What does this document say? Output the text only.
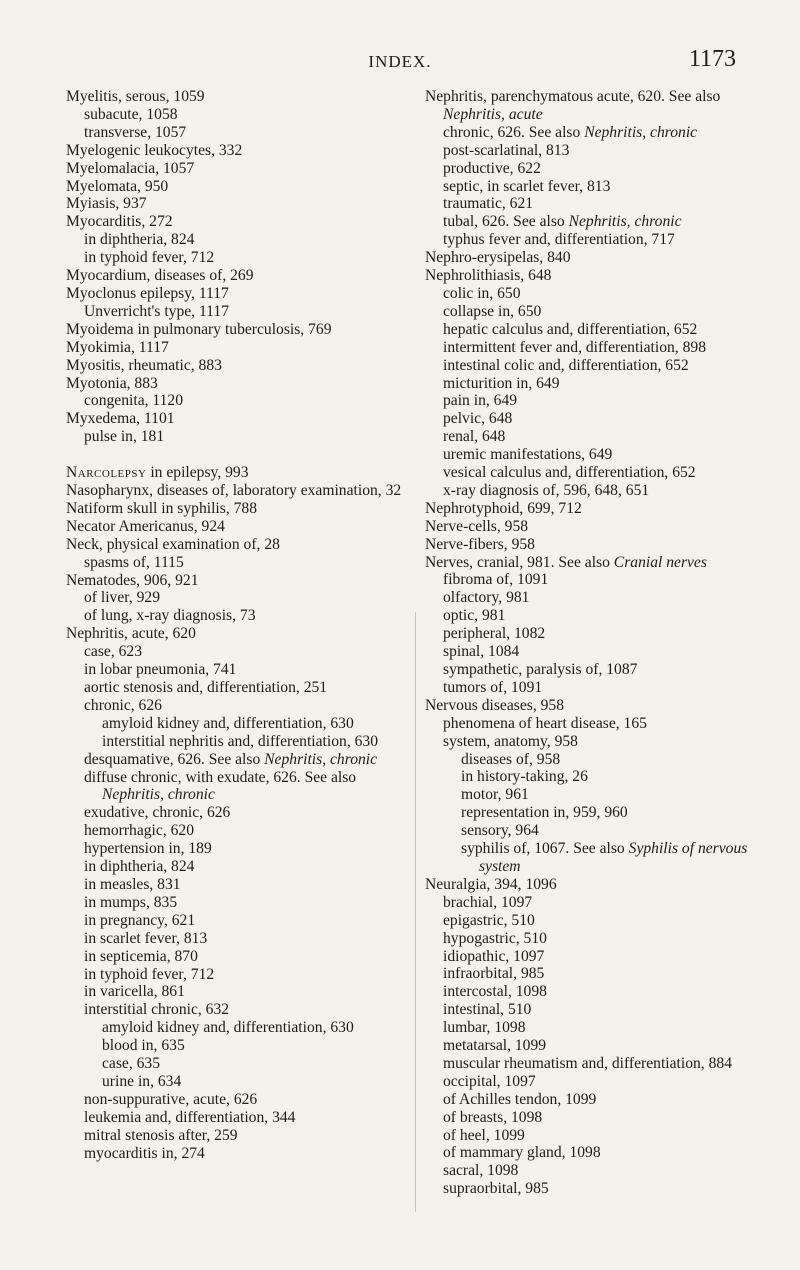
INDEX.	1173
Myelitis, serous, 1059
subacute, 1058
transverse, 1057
Myelogenic leukocytes, 332
Myelomalacia, 1057
Myelomata, 950
Myiasis, 937
Myocarditis, 272
in diphtheria, 824
in typhoid fever, 712
Myocardium, diseases of, 269
Myoclonus epilepsy, 1117
Unverricht's type, 1117
Myoidema in pulmonary tuberculosis, 769
Myokimia, 1117
Myositis, rheumatic, 883
Myotonia, 883
congenita, 1120
Myxedema, 1101
pulse in, 181
Narcolepsy in epilepsy, 993
Nasopharynx, diseases of, laboratory examination, 32
Natiform skull in syphilis, 788
Necator Americanus, 924
Neck, physical examination of, 28
spasms of, 1115
Nematodes, 906, 921
of liver, 929
of lung, x-ray diagnosis, 73
Nephritis, acute, 620
case, 623
in lobar pneumonia, 741
aortic stenosis and, differentiation, 251
chronic, 626
amyloid kidney and, differentiation, 630
interstitial nephritis and, differentiation, 630
desquamative, 626. See also Nephritis, chronic
diffuse chronic, with exudate, 626. See also Nephritis, chronic
exudative, chronic, 626
hemorrhagic, 620
hypertension in, 189
in diphtheria, 824
in measles, 831
in mumps, 835
in pregnancy, 621
in scarlet fever, 813
in septicemia, 870
in typhoid fever, 712
in varicella, 861
interstitial chronic, 632
amyloid kidney and, differentiation, 630
blood in, 635
case, 635
urine in, 634
non-suppurative, acute, 626
leukemia and, differentiation, 344
mitral stenosis after, 259
myocarditis in, 274
Nephritis, parenchymatous acute, 620. See also Nephritis, acute
chronic, 626. See also Nephritis, chronic
post-scarlatinal, 813
productive, 622
septic, in scarlet fever, 813
traumatic, 621
tubal, 626. See also Nephritis, chronic
typhus fever and, differentiation, 717
Nephro-erysipelas, 840
Nephrolithiasis, 648
colic in, 650
collapse in, 650
hepatic calculus and, differentiation, 652
intermittent fever and, differentiation, 898
intestinal colic and, differentiation, 652
micturition in, 649
pain in, 649
pelvic, 648
renal, 648
uremic manifestations, 649
vesical calculus and, differentiation, 652
x-ray diagnosis of, 596, 648, 651
Nephrotyphoid, 699, 712
Nerve-cells, 958
Nerve-fibers, 958
Nerves, cranial, 981. See also Cranial nerves
fibroma of, 1091
olfactory, 981
optic, 981
peripheral, 1082
spinal, 1084
sympathetic, paralysis of, 1087
tumors of, 1091
Nervous diseases, 958
phenomena of heart disease, 165
system, anatomy, 958
diseases of, 958
in history-taking, 26
motor, 961
representation in, 959, 960
sensory, 964
syphilis of, 1067. See also Syphilis of nervous system
Neuralgia, 394, 1096
brachial, 1097
epigastric, 510
hypogastric, 510
idiopathic, 1097
infraorbital, 985
intercostal, 1098
intestinal, 510
lumbar, 1098
metatarsal, 1099
muscular rheumatism and, differentiation, 884
occipital, 1097
of Achilles tendon, 1099
of breasts, 1098
of heel, 1099
of mammary gland, 1098
sacral, 1098
supraorbital, 985
